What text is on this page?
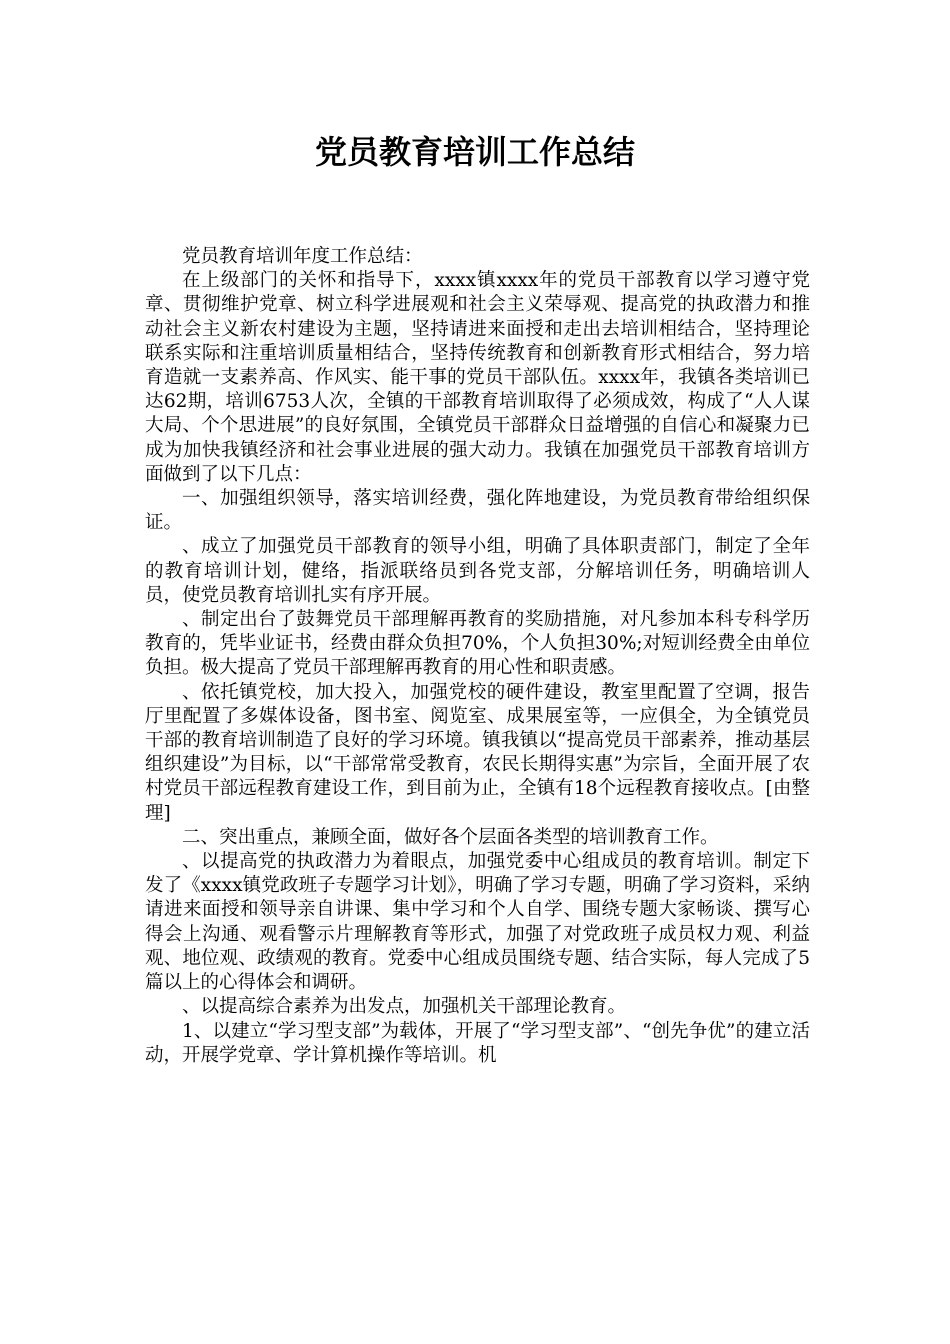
党员教育培训工作总结

党员教育培训年度工作总结：

在上级部门的关怀和指导下，xxxx镇xxxx年的党员干部教育以学习遵守党章、贯彻维护党章、树立科学进展观和社会主义荣辱观、提高党的执政潜力和推动社会主义新农村建设为主题，坚持请进来面授和走出去培训相结合，坚持理论联系实际和注重培训质量相结合，坚持传统教育和创新教育形式相结合，努力培育造就一支素养高、作风实、能干事的党员干部队伍。xxxx年，我镇各类培训已达62期，培训6753人次，全镇的干部教育培训取得了必须成效，构成了“人人谋大局、个个思进展”的良好氛围，全镇党员干部群众日益增强的自信心和凝聚力已成为加快我镇经济和社会事业进展的强大动力。我镇在加强党员干部教育培训方面做到了以下几点：

一、加强组织领导，落实培训经费，强化阵地建设，为党员教育带给组织保证。

、成立了加强党员干部教育的领导小组，明确了具体职责部门，制定了全年的教育培训计划，健络，指派联络员到各党支部，分解培训任务，明确培训人员，使党员教育培训扎实有序开展。

、制定出台了鼓舞党员干部理解再教育的奖励措施，对凡参加本科专科学历教育的，凭毕业证书，经费由群众负担70%，个人负担30%;对短训经费全由单位负担。极大提高了党员干部理解再教育的用心性和职责感。

、依托镇党校，加大投入，加强党校的硬件建设，教室里配置了空调，报告厅里配置了多媒体设备，图书室、阅览室、成果展室等，一应俱全，为全镇党员干部的教育培训制造了良好的学习环境。镇我镇以“提高党员干部素养，推动基层组织建设”为目标，以“干部常常受教育，农民长期得实惠”为宗旨，全面开展了农村党员干部远程教育建设工作，到目前为止，全镇有18个远程教育接收点。[由整理]

二、突出重点，兼顾全面，做好各个层面各类型的培训教育工作。

、以提高党的执政潜力为着眼点，加强党委中心组成员的教育培训。制定下发了《xxxx镇党政班子专题学习计划》，明确了学习专题，明确了学习资料，采纳请进来面授和领导亲自讲课、集中学习和个人自学、围绕专题大家畅谈、撰写心得会上沟通、观看警示片理解教育等形式，加强了对党政班子成员权力观、利益观、地位观、政绩观的教育。党委中心组成员围绕专题、结合实际，每人完成了5篇以上的心得体会和调研。

、以提高综合素养为出发点，加强机关干部理论教育。

1、以建立“学习型支部”为载体，开展了“学习型支部”、“创先争优”的建立活动，开展学党章、学计算机操作等培训。机
